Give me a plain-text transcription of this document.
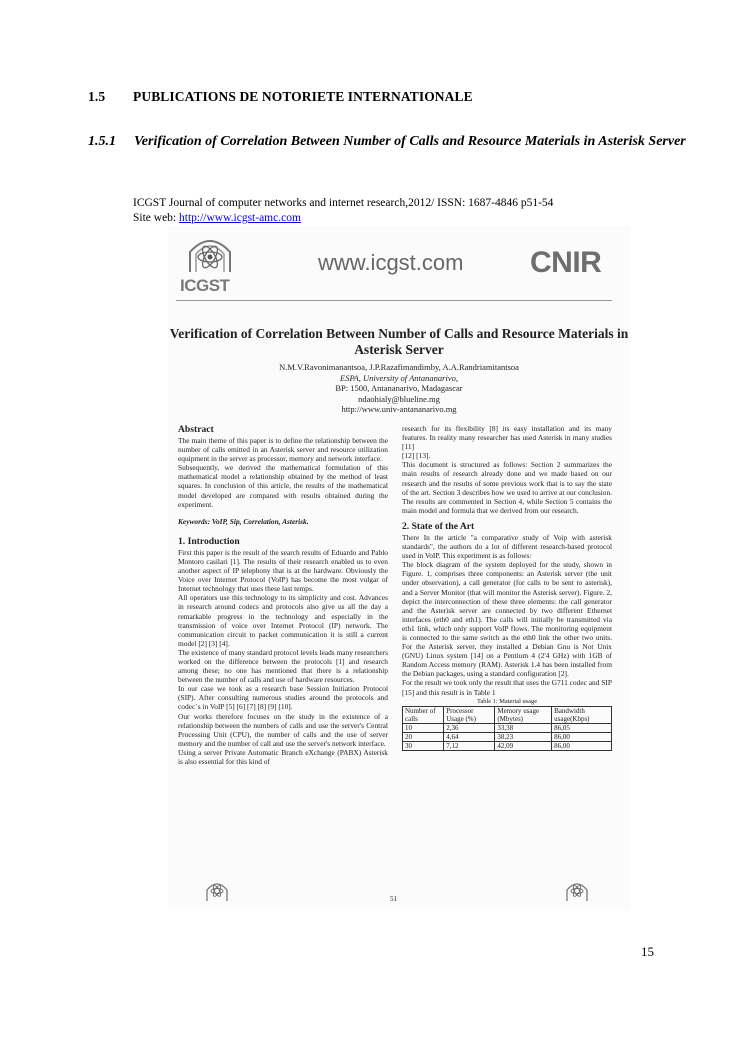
1.5 PUBLICATIONS DE NOTORIETE INTERNATIONALE
1.5.1 Verification of Correlation Between Number of Calls and Resource Materials in Asterisk Server
ICGST Journal of computer networks and internet research,2012/ ISSN: 1687-4846 p51-54
Site web: http://www.icgst-amc.com
ICGST
www.icgst.com CNIR
Verification of Correlation Between Number of Calls and Resource Materials in Asterisk Server
N.M.V.Ravonimanantsoa, J.P.Razafimandimby, A.A.Randriamitantsoa
ESPA, University of Antananarivo,
BP: 1500, Antananarivo, Madagascar
ndaohialy@blueline.mg
http://www.univ-antananarivo.mg
Abstract

The main theme of this paper is to define the relationship between the number of calls emitted in an Asterisk server and resource utilization equipment in the server as processor, memory and network interface.

Subsequently, we derived the mathematical formulation of this mathematical model a relationship obtained by the method of least squares. In conclusion of this article, the results of the mathematical model developed are compared with results obtained during the experiment.

Keywords: VoIP, Sip, Correlation, Asterisk.

1. Introduction

First this paper is the result of the search results of Eduardo and Pablo Montoro casilari [1]. The results of their research enabled us to even another aspect of IP telephony that is at the hardware. Obviously the Voice over Internet Protocol (VoIP) has become the most vulgar of Internet technology that uses these last temps.

All operators use this technology to its simplicity and cost. Advances in research around codecs and protocols also give us all the day a remarkable progress in the technology and especially in the transmission of voice over Internet Protocol (IP) network. The communication circuit to packet communication it is still a current model [2] [3] [4].

The existence of many standard protocol levels leads many researchers worked on the difference between the protocols [1] and research among these; no one has mentioned that there is a relationship between the number of calls and use of hardware resources.

In our case we took as a research base Session Initiation Protocol (SIP). After consulting numerous studies around the protocols and codec`s in VoIP [5] [6] [7] [8] [9] [10].

Our works therefore focuses on the study in the existence of a relationship between the numbers of calls and use the server's Central Processing Unit (CPU), the number of calls and the use of server memory and the number of call and use the server's network interface.

Using a server Private Automatic Branch eXchange (PABX) Asterisk is also essential for this kind of

research for its flexibility [8] its easy installation and its many features. In reality many researcher has used Asterisk in many studies [11]

[12] [13].

This document is structured as follows: Section 2 summarizes the main results of research already done and we made based on our research and the results of some previous work that is to say the state of the art. Section 3 describes how we used to arrive at our conclusion. The results are commented in Section 4, while Section 5 contains the main model and formula that we derived from our research.

2. State of the Art

There In the article "a comparative study of Voip with asterisk standards", the authors do a lot of different research-based protocol used in VoIP. This experiment is as follows:

The block diagram of the system deployed for the study, shown in Figure. 1, comprises three components: an Asterisk server (the unit under observation), a call generator (for calls to be sent to asterisk), and a Server Monitor (that will monitor the Asterisk server). Figure. 2, depict the interconnection of these three elements: the call generator and the Asterisk server are connected by two different Ethernet interfaces (eth0 and eth1). The calls will initially be transmitted via eth1 link, which only support VoIP flows. The monitoring equipment is connected to the same switch as the eth0 link the other two units. For the Asterisk server, they installed a Debian Gnu is Not Unix (GNU) Linux system [14] on a Pentium 4 (2'4 GHz) with 1GB of Random Access memory (RAM). Asterisk 1.4 has been installed from the Debian packages, using a standard configuration [2].

For the result we took only the result that uses the G711 codec and SIP [15] and this result is in Table 1

Table 1: Material usage
Number of calls	Processor Usage (%)	Memory usage (Mbytes)	Bandwidth usage(Kbps)
10	2,36	33,38	86,05
20	4,64	38,23	86,00
30	7,12	42,09	86,00
51
15
